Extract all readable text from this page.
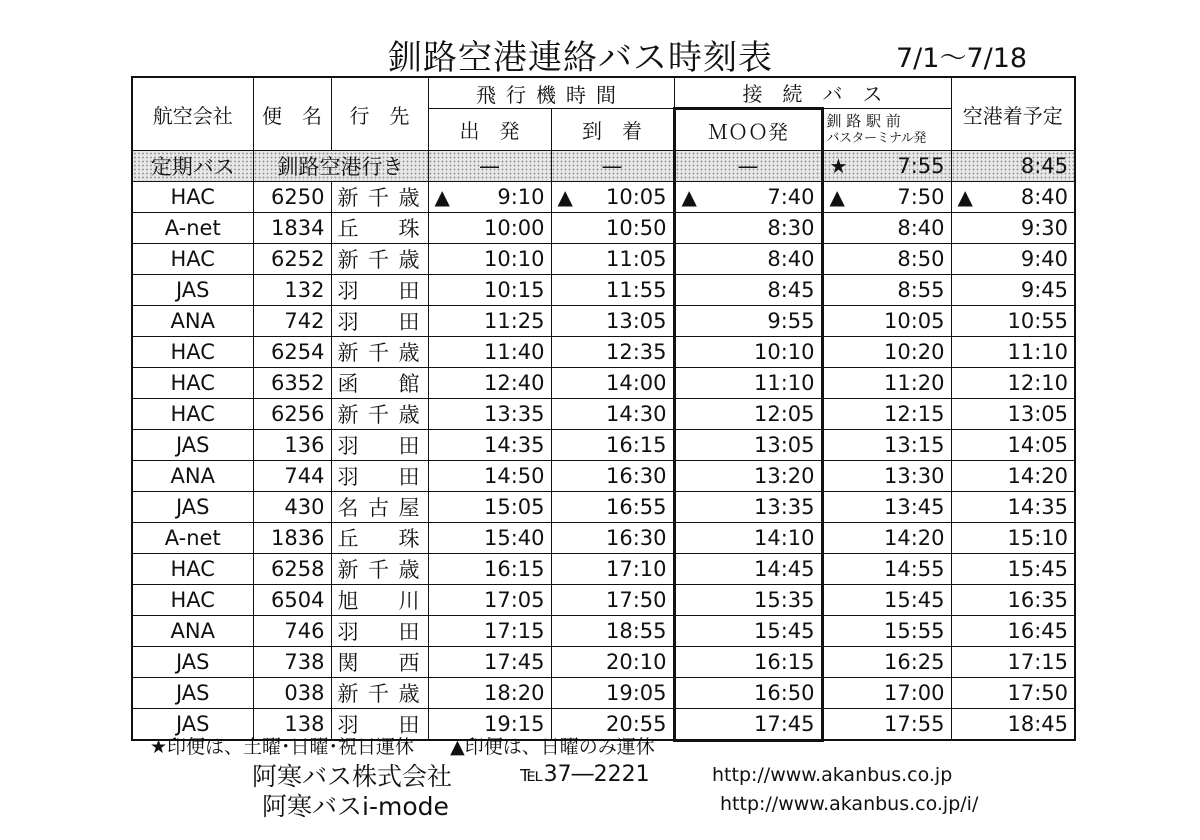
釧路空港連絡バス時刻表	7/1～7/18
航空会社	便　名	行　先	飛行機時間		接　続　バ　ス		空港着予定
			出　発	到　着	ＭＯＯ発	釧 路 駅 前
バスターミナル発	

定期バス	釧路空港行き		—	—	—	★ 7:55	8:45
HAC	6250	新 千 歳	▲ 9:10	▲ 10:05	▲ 7:40	▲ 7:50	▲ 8:40
A-net	1834	丘 珠	10:00	10:50	8:30	8:40	9:30
HAC	6252	新 千 歳	10:10	11:05	8:40	8:50	9:40
JAS	132	羽 田	10:15	11:55	8:45	8:55	9:45
ANA	742	羽 田	11:25	13:05	9:55	10:05	10:55
HAC	6254	新 千 歳	11:40	12:35	10:10	10:20	11:10
HAC	6352	函 館	12:40	14:00	11:10	11:20	12:10
HAC	6256	新 千 歳	13:35	14:30	12:05	12:15	13:05
JAS	136	羽 田	14:35	16:15	13:05	13:15	14:05
ANA	744	羽 田	14:50	16:30	13:20	13:30	14:20
JAS	430	名 古 屋	15:05	16:55	13:35	13:45	14:35
A-net	1836	丘 珠	15:40	16:30	14:10	14:20	15:10
HAC	6258	新 千 歳	16:15	17:10	14:45	14:55	15:45
HAC	6504	旭 川	17:05	17:50	15:35	15:45	16:35
ANA	746	羽 田	17:15	18:55	15:45	15:55	16:45
JAS	738	関 西	17:45	20:10	16:15	16:25	17:15
JAS	038	新 千 歳	18:20	19:05	16:50	17:00	17:50
JAS	138	羽 田	19:15	20:55	17:45	17:55	18:45
★印便は、土曜･日曜･祝日運休 ▲印便は、日曜のみ運休
阿寒バス株式会社	℡37―2221	http://www.akanbus.co.jp
阿寒バスi-mode	http://www.akanbus.co.jp/i/
